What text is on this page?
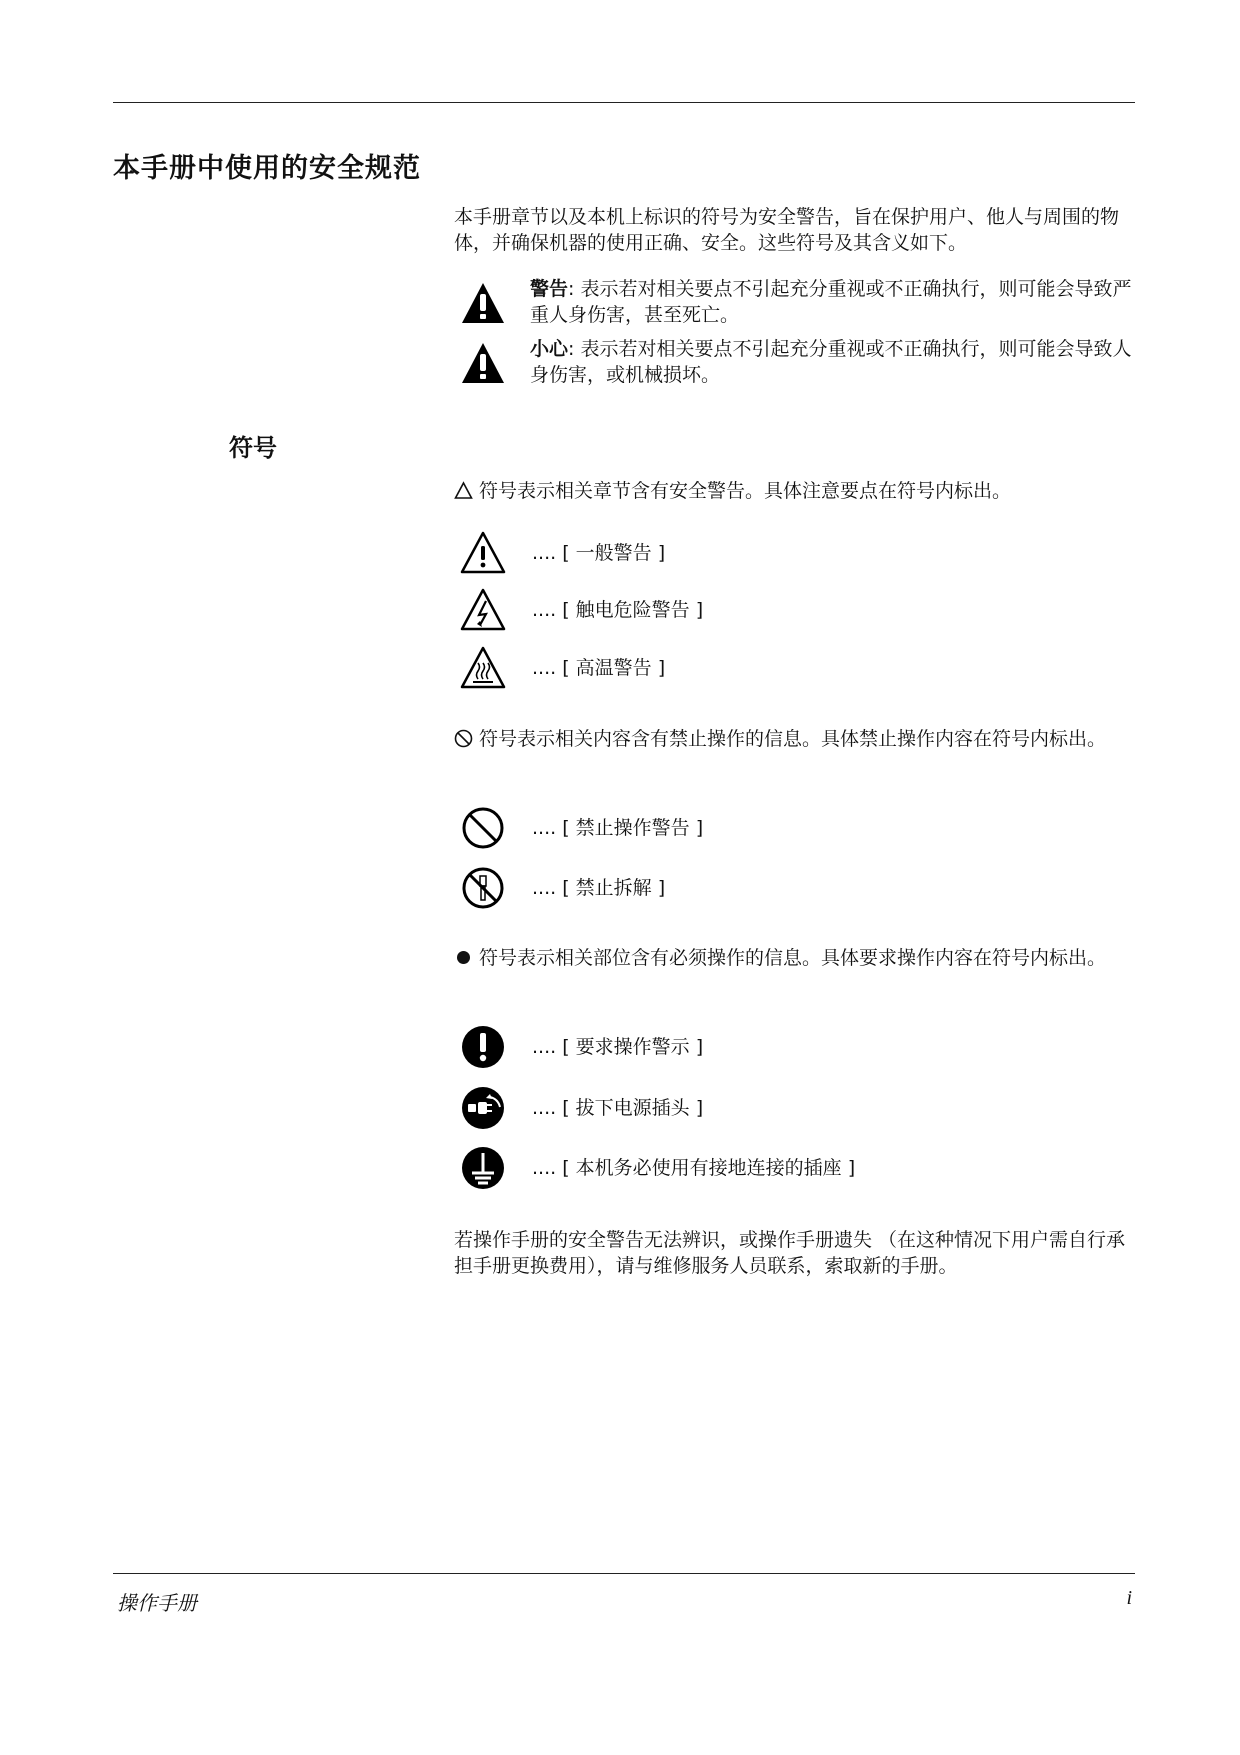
本手册中使用的安全规范

本手册章节以及本机上标识的符号为安全警告，旨在保护用户、他人与周围的物体，并确保机器的使用正确、安全。这些符号及其含义如下。

警告: 表示若对相关要点不引起充分重视或不正确执行，则可能会导致严重人身伤害，甚至死亡。
小心: 表示若对相关要点不引起充分重视或不正确执行，则可能会导致人身伤害，或机械损坏。
符号

符号表示相关章节含有安全警告。具体注意要点在符号内标出。

.... [ 一般警告 ]
.... [ 触电危险警告 ]
.... [ 高温警告 ]

符号表示相关内容含有禁止操作的信息。具体禁止操作内容在符号内标出。

.... [ 禁止操作警告 ]
.... [ 禁止拆解 ]

符号表示相关部位含有必须操作的信息。具体要求操作内容在符号内标出。

.... [ 要求操作警示 ]
.... [ 拔下电源插头 ]
.... [ 本机务必使用有接地连接的插座 ]

若操作手册的安全警告无法辨识，或操作手册遗失 （在这种情况下用户需自行承担手册更换费用），请与维修服务人员联系，索取新的手册。

操作手册	i
